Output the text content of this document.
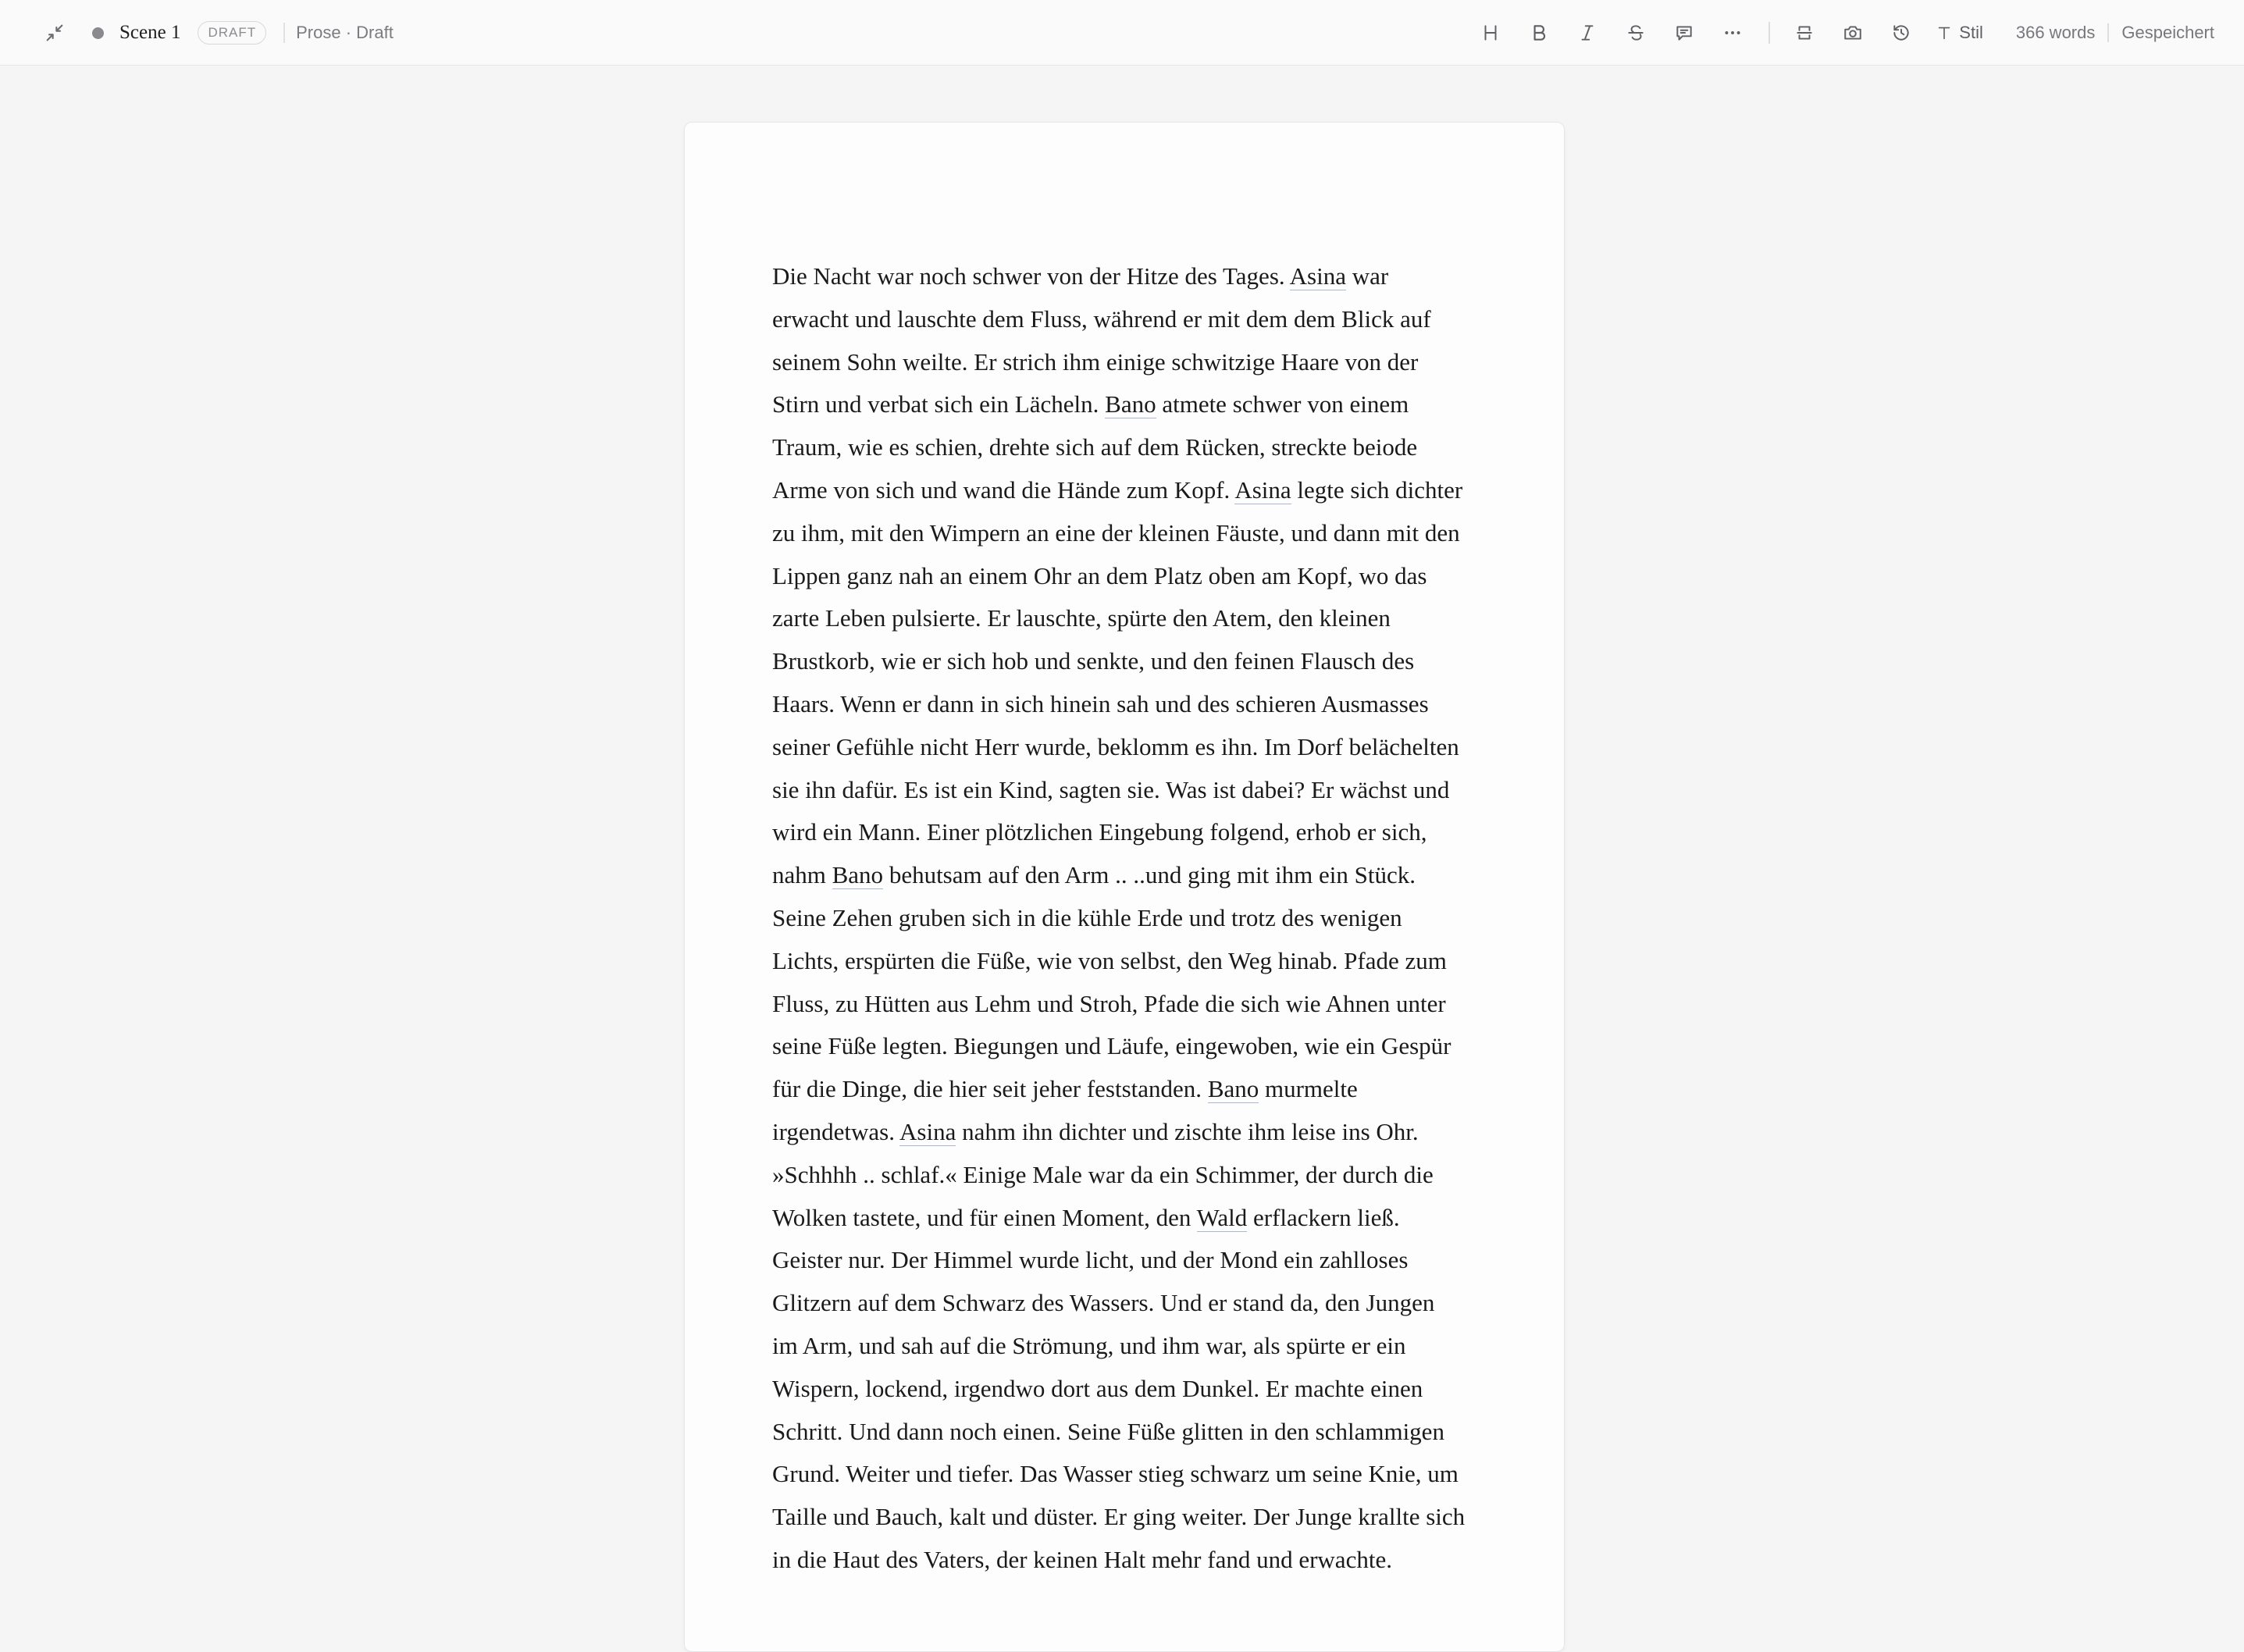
Scene 1	DRAFT	Prose · Draft	Stil 366 words Gespeichert
Die Nacht war noch schwer von der Hitze des Tages. Asina war
erwacht und lauschte dem Fluss, während er mit dem dem Blick auf
seinem Sohn weilte. Er strich ihm einige schwitzige Haare von der
Stirn und verbat sich ein Lächeln. Bano atmete schwer von einem
Traum, wie es schien, drehte sich auf dem Rücken, streckte beiode
Arme von sich und wand die Hände zum Kopf. Asina legte sich dichter
zu ihm, mit den Wimpern an eine der kleinen Fäuste, und dann mit den
Lippen ganz nah an einem Ohr an dem Platz oben am Kopf, wo das
zarte Leben pulsierte. Er lauschte, spürte den Atem, den kleinen
Brustkorb, wie er sich hob und senkte, und den feinen Flausch des
Haars. Wenn er dann in sich hinein sah und des schieren Ausmasses
seiner Gefühle nicht Herr wurde, beklomm es ihn. Im Dorf belächelten
sie ihn dafür. Es ist ein Kind, sagten sie. Was ist dabei? Er wächst und
wird ein Mann. Einer plötzlichen Eingebung folgend, erhob er sich,
nahm Bano behutsam auf den Arm .. ..und ging mit ihm ein Stück.
Seine Zehen gruben sich in die kühle Erde und trotz des wenigen
Lichts, erspürten die Füße, wie von selbst, den Weg hinab. Pfade zum
Fluss, zu Hütten aus Lehm und Stroh, Pfade die sich wie Ahnen unter
seine Füße legten. Biegungen und Läufe, eingewoben, wie ein Gespür
für die Dinge, die hier seit jeher feststanden. Bano murmelte
irgendetwas. Asina nahm ihn dichter und zischte ihm leise ins Ohr.
»Schhhh .. schlaf.« Einige Male war da ein Schimmer, der durch die
Wolken tastete, und für einen Moment, den Wald erflackern ließ.
Geister nur. Der Himmel wurde licht, und der Mond ein zahlloses
Glitzern auf dem Schwarz des Wassers. Und er stand da, den Jungen
im Arm, und sah auf die Strömung, und ihm war, als spürte er ein
Wispern, lockend, irgendwo dort aus dem Dunkel. Er machte einen
Schritt. Und dann noch einen. Seine Füße glitten in den schlammigen
Grund. Weiter und tiefer. Das Wasser stieg schwarz um seine Knie, um
Taille und Bauch, kalt und düster. Er ging weiter. Der Junge krallte sich
in die Haut des Vaters, der keinen Halt mehr fand und erwachte.
